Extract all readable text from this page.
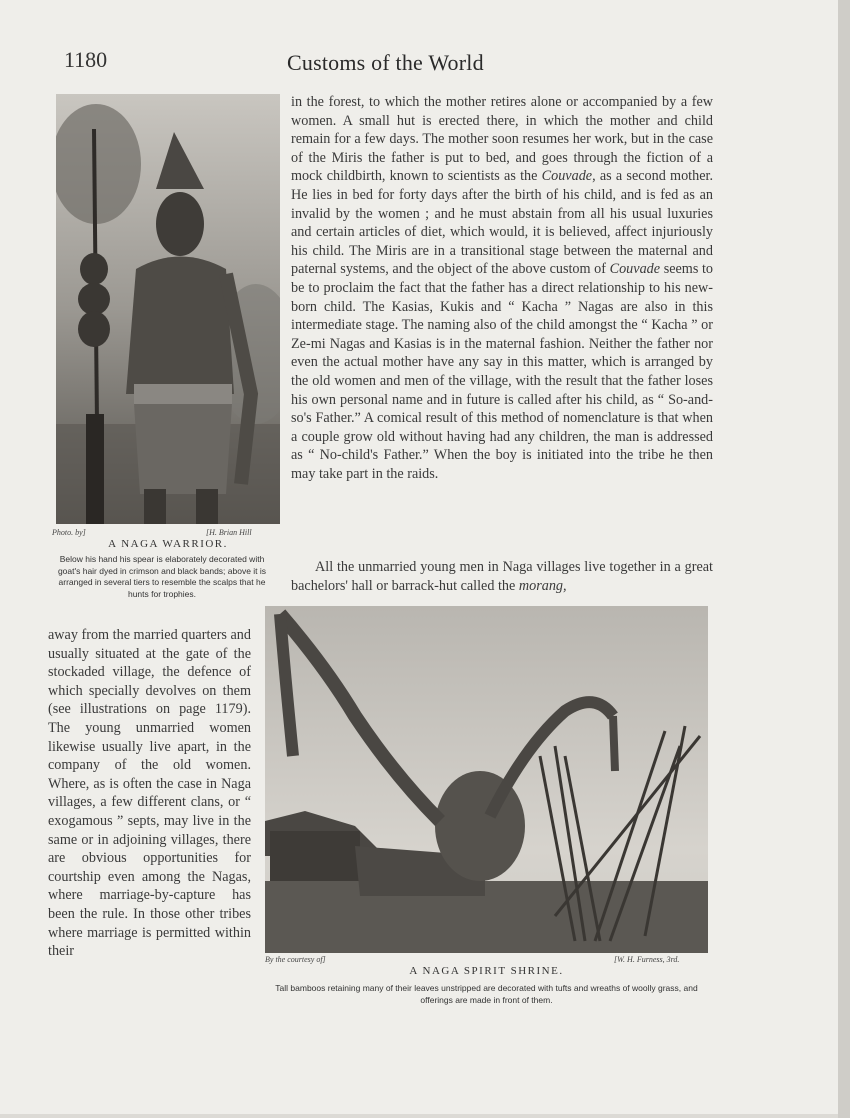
1180	Customs of the World
Photo. by]	[H. Brian Hill
A NAGA WARRIOR.
Below his hand his spear is elaborately decorated with goat's hair dyed in crimson and black bands; above it is arranged in several tiers to resemble the scalps that he hunts for trophies.

in the forest, to which the mother retires alone or accompanied by a few women. A small hut is erected there, in which the mother and child remain for a few days. The mother soon resumes her work, but in the case of the Miris the father is put to bed, and goes through the fiction of a mock childbirth, known to scientists as the Couvade, as a second mother. He lies in bed for forty days after the birth of his child, and is fed as an invalid by the women ; and he must abstain from all his usual luxuries and certain articles of diet, which would, it is believed, affect injuriously his child. The Miris are in a transitional stage between the maternal and paternal systems, and the object of the above custom of Couvade seems to be to proclaim the fact that the father has a direct relationship to his new-born child. The Kasias, Kukis and “ Kacha ” Nagas are also in this intermediate stage. The naming also of the child amongst the “ Kacha ” or Ze-mi Nagas and Kasias is in the maternal fashion. Neither the father nor even the actual mother have any say in this matter, which is arranged by the old women and men of the village, with the result that the father loses his own personal name and in future is called after his child, as “ So-and-so's Father.” A comical result of this method of nomenclature is that when a couple grow old without having had any children, the man is addressed as “ No-child's Father.” When the boy is initiated into the tribe he then may take part in the raids.

All the unmarried young men in Naga villages live together in a great bachelors' hall or barrack-hut called the morang,

By the courtesy of]	[W. H. Furness, 3rd.
A NAGA SPIRIT SHRINE.
Tall bamboos retaining many of their leaves unstripped are decorated with tufts and wreaths of woolly grass, and offerings are made in front of them.

away from the married quarters and usually situated at the gate of the stockaded village, the defence of which specially devolves on them (see illustrations on page 1179). The young unmarried women likewise usually live apart, in the company of the old women. Where, as is often the case in Naga villages, a few different clans, or “ exogamous ” septs, may live in the same or in adjoining villages, there are obvious opportunities for courtship even among the Nagas, where marriage-by-capture has been the rule. In those other tribes where marriage is permitted within their
